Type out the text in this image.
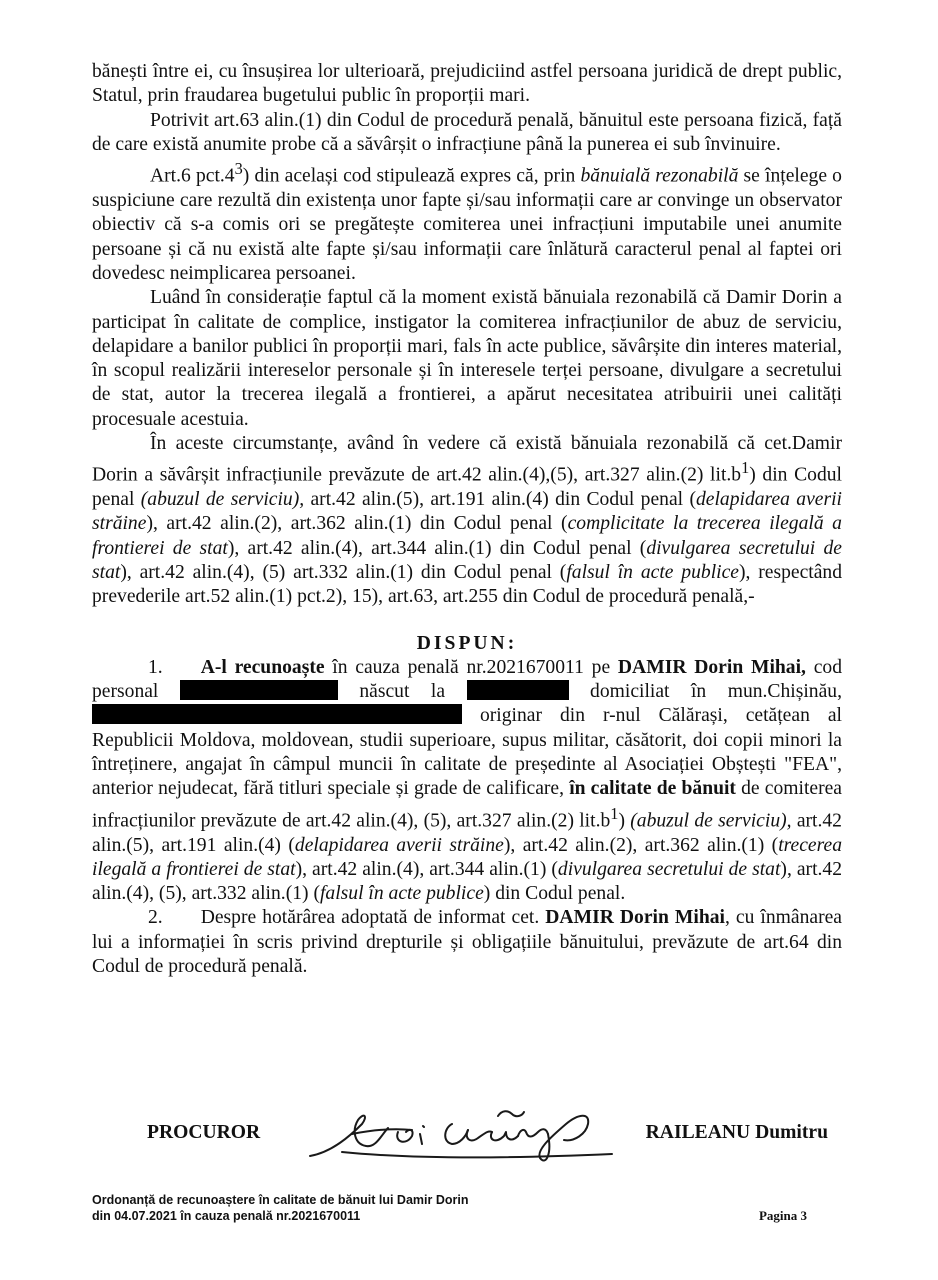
bănești între ei, cu însușirea lor ulterioară, prejudiciind astfel persoana juridică de drept public, Statul, prin fraudarea bugetului public în proporții mari.

Potrivit art.63 alin.(1) din Codul de procedură penală, bănuitul este persoana fizică, față de care există anumite probe că a săvârșit o infracțiune până la punerea ei sub învinuire.

Art.6 $pct.4^3$) din același cod stipulează expres că, prin bănuială rezonabilă se înțelege o suspiciune care rezultă din existența unor fapte și/sau informații care ar convinge un observator obiectiv că s-a comis ori se pregătește comiterea unei infracțiuni imputabile unei anumite persoane și că nu există alte fapte și/sau informații care înlătură caracterul penal al faptei ori dovedesc neimplicarea persoanei.

Luând în considerație faptul că la moment există bănuiala rezonabilă că Damir Dorin a participat în calitate de complice, instigator la comiterea infracțiunilor de abuz de serviciu, delapidare a banilor publici în proporții mari, fals în acte publice, săvârșite din interes material, în scopul realizării intereselor personale și în interesele terței persoane, divulgare a secretului de stat, autor la trecerea ilegală a frontierei, a apărut necesitatea atribuirii unei calități procesuale acestuia.

În aceste circumstanțe, având în vedere că există bănuiala rezonabilă că cet.Damir Dorin a săvârșit infracțiunile prevăzute de art.42 alin.(4),(5), art.327 alin.(2) $lit.b^1$) din Codul penal (abuzul de serviciu), art.42 alin.(5), art.191 alin.(4) din Codul penal (delapidarea averii străine), art.42 alin.(2), art.362 alin.(1) din Codul penal (complicitate la trecerea ilegală a frontierei de stat), art.42 alin.(4), art.344 alin.(1) din Codul penal (divulgarea secretului de stat), art.42 alin.(4), (5) art.332 alin.(1) din Codul penal (falsul în acte publice), respectând prevederile art.52 alin.(1) pct.2), 15), art.63, art.255 din Codul de procedură penală,-

DISPUN:

1. A-l recunoaște în cauza penală nr.2021670011 pe DAMIR Dorin Mihai, cod personal	născut la	domiciliat în mun.Chișinău,  originar din r-nul Călărași, cetățean al Republicii Moldova, moldovean, studii superioare, supus militar, căsătorit, doi copii minori la întreținere, angajat în câmpul muncii în calitate de președinte al Asociației Obștești "FEA", anterior nejudecat, fără titluri speciale și grade de calificare, în calitate de bănuit de comiterea infracțiunilor prevăzute de art.42 alin.(4), (5), art.327 alin.(2) $lit.b^1$) (abuzul de serviciu), art.42 alin.(5), art.191 alin.(4) (delapidarea averii străine), art.42 alin.(2), art.362 alin.(1) (trecerea ilegală a frontierei de stat), art.42 alin.(4), art.344 alin.(1) (divulgarea secretului de stat), art.42 alin.(4), (5), art.332 alin.(1) (falsul în acte publice) din Codul penal.

2. Despre hotărârea adoptată de informat cet. DAMIR Dorin Mihai, cu înmânarea lui a informației în scris privind drepturile și obligațiile bănuitului, prevăzute de art.64 din Codul de procedură penală.

PROCUROR	RAILEANU Dumitru
Ordonanță de recunoaștere în calitate de bănuit lui Damir Dorin
din 04.07.2021 în cauza penală nr.2021670011	Pagina 3
